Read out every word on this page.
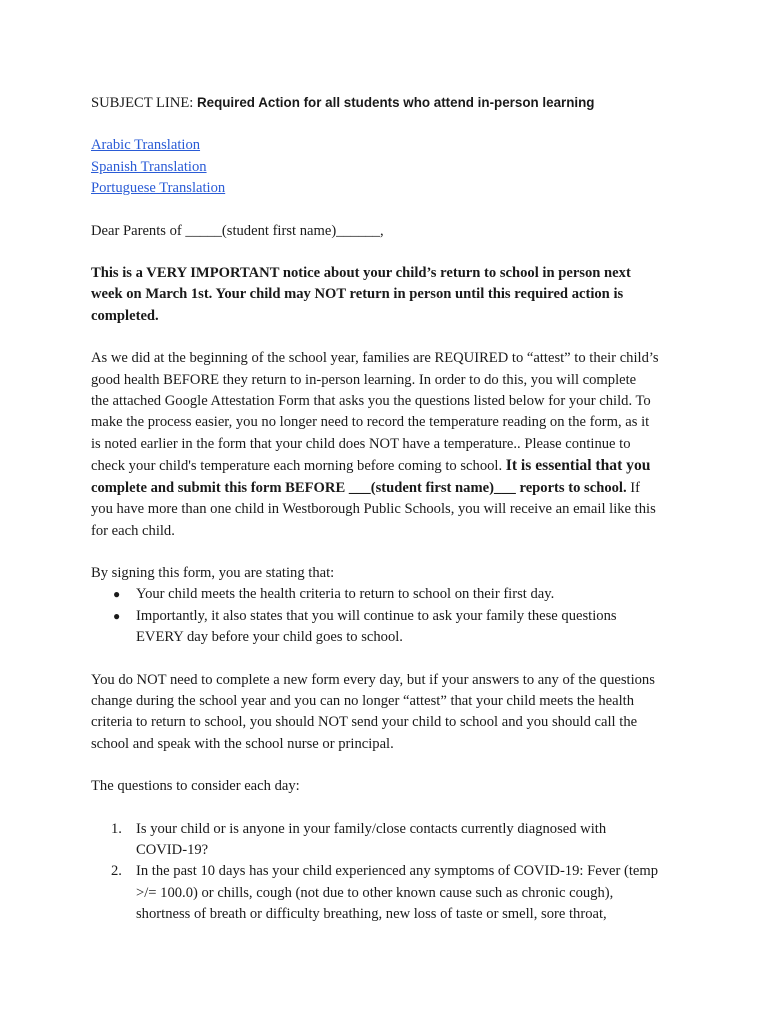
SUBJECT LINE: Required Action for all students who attend in-person learning
Arabic Translation
Spanish Translation
Portuguese Translation
Dear Parents of _____(student first name)______,
This is a VERY IMPORTANT notice about your child’s return to school in person next
week on March 1st. Your child may NOT return in person until this required action is
completed.
As we did at the beginning of the school year, families are REQUIRED to “attest” to their child’s
good health BEFORE they return to in-person learning. In order to do this, you will complete
the attached Google Attestation Form that asks you the questions listed below for your child. To
make the process easier, you no longer need to record the temperature reading on the form, as it
is noted earlier in the form that your child does NOT have a temperature.. Please continue to
check your child's temperature each morning before coming to school. It is essential that you
complete and submit this form BEFORE ___(student first name)___ reports to school. If
you have more than one child in Westborough Public Schools, you will receive an email like this
for each child.
By signing this form, you are stating that:
● Your child meets the health criteria to return to school on their first day.
● Importantly, it also states that you will continue to ask your family these questions
EVERY day before your child goes to school.
You do NOT need to complete a new form every day, but if your answers to any of the questions
change during the school year and you can no longer “attest” that your child meets the health
criteria to return to school, you should NOT send your child to school and you should call the
school and speak with the school nurse or principal.
The questions to consider each day:
1. Is your child or is anyone in your family/close contacts currently diagnosed with
COVID-19?
2. In the past 10 days has your child experienced any symptoms of COVID-19: Fever (temp
>/= 100.0) or chills, cough (not due to other known cause such as chronic cough),
shortness of breath or difficulty breathing, new loss of taste or smell, sore throat,
